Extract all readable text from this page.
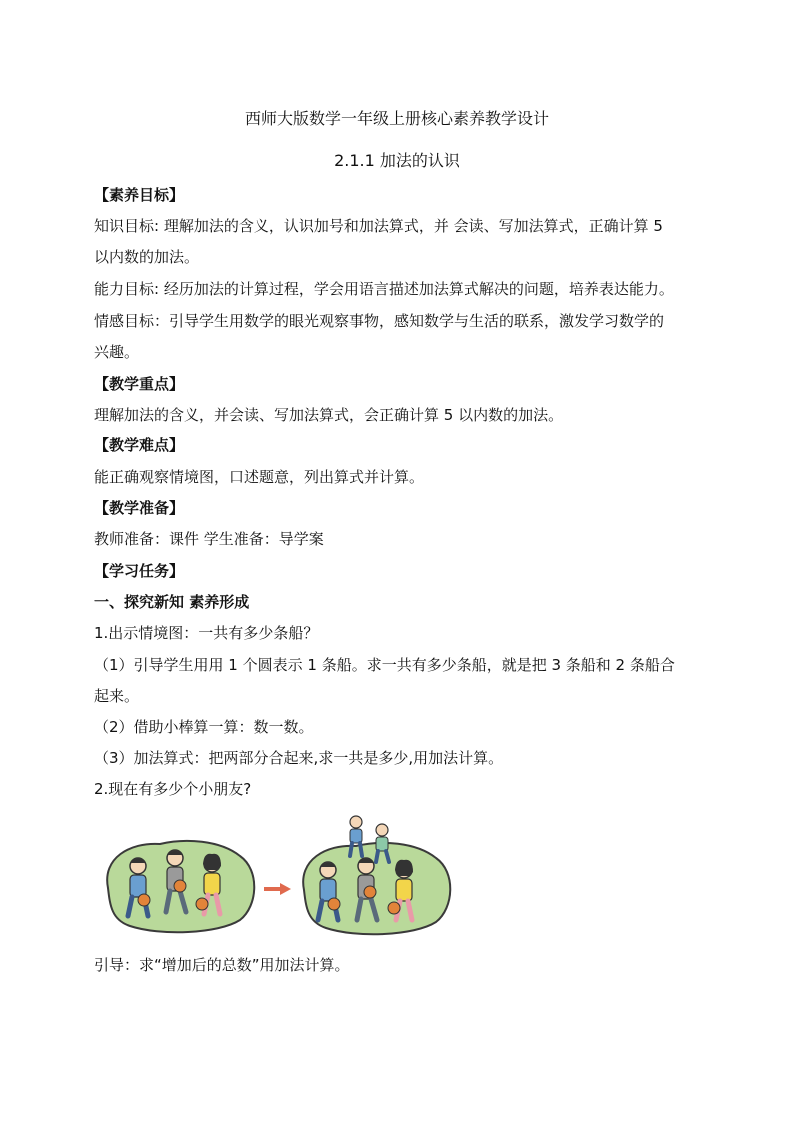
西师大版数学一年级上册核心素养教学设计
2.1.1 加法的认识
【素养目标】
知识目标: 理解加法的含义，认识加号和加法算式，并 会读、写加法算式，正确计算 5
以内数的加法。
能力目标: 经历加法的计算过程，学会用语言描述加法算式解决的问题，培养表达能力。
情感目标：引导学生用数学的眼光观察事物，感知数学与生活的联系，激发学习数学的
兴趣。
【教学重点】
理解加法的含义，并会读、写加法算式，会正确计算 5 以内数的加法。
【教学难点】
能正确观察情境图，口述题意，列出算式并计算。
【教学准备】
教师准备：课件 学生准备：导学案
【学习任务】
一、探究新知 素养形成
1.出示情境图：一共有多少条船？
（1）引导学生用用 1 个圆表示 1 条船。求一共有多少条船，就是把 3 条船和 2 条船合
起来。
（2）借助小棒算一算：数一数。
（3）加法算式：把两部分合起来,求一共是多少,用加法计算。
2.现在有多少个小朋友?
引导：求“增加后的总数”用加法计算。
